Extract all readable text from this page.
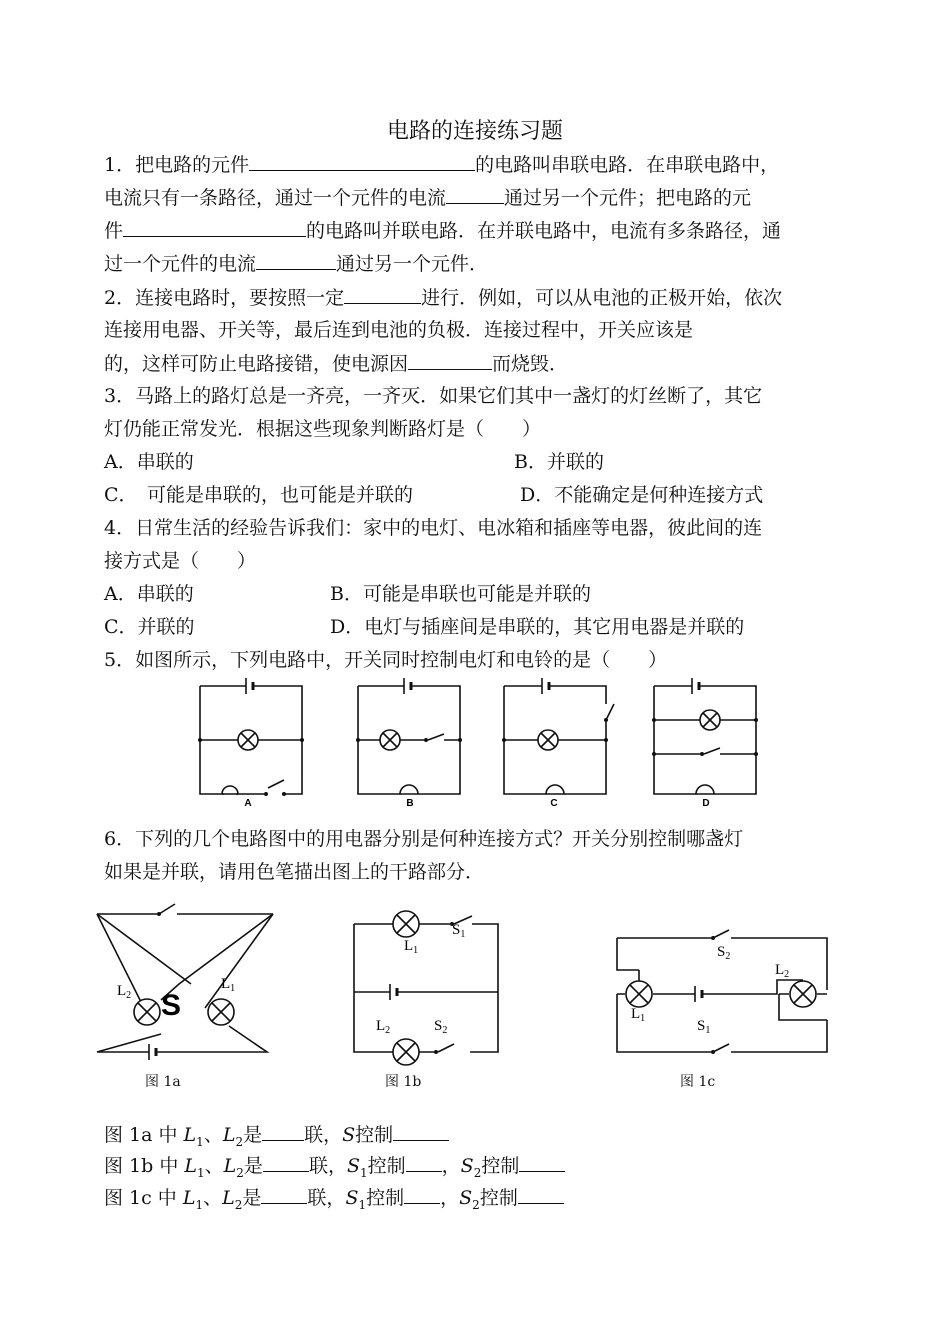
电路的连接练习题
1．把电路的元件	的电路叫串联电路．在串联电路中，
电流只有一条路径，通过一个元件的电流	通过另一个元件；把电路的元
件	的电路叫并联电路．在并联电路中，电流有多条路径，通
过一个元件的电流	通过另一个元件．
2．连接电路时，要按照一定	进行．例如，可以从电池的正极开始，依次
连接用电器、开关等，最后连到电池的负极．连接过程中，开关应该是
的，这样可防止电路接错，使电源因	而烧毁．
3．马路上的路灯总是一齐亮，一齐灭．如果它们其中一盏灯的灯丝断了，其它
灯仍能正常发光．根据这些现象判断路灯是（　　）
A．串联的	B．并联的
C．　可能是串联的，也可能是并联的	D．不能确定是何种连接方式
4．日常生活的经验告诉我们：家中的电灯、电冰箱和插座等电器，彼此间的连
接方式是（　　）
A．串联的	B．可能是串联也可能是并联的
C．并联的	D．电灯与插座间是串联的，其它用电器是并联的
5．如图所示，下列电路中，开关同时控制电灯和电铃的是（　　）
A	B	C	D
6．下列的几个电路图中的用电器分别是何种连接方式？开关分别控制哪盏灯
如果是并联，请用色笔描出图上的干路部分．
$L_2$
$L_1$
S
图 1a
$L_1$
$S_1$
$L_2$	$S_2$
图 1b
$S_2$
$L_2$
$L_1$	$S_1$
图 1c
图 1a 中 $L_1$、$L_2$是 联，S控制
图 1b 中 $L_1$、$L_2$是 联，$S_1$控制 ，$S_2$控制
图 1c 中 $L_1$、$L_2$是 联，$S_1$控制 ，$S_2$控制
